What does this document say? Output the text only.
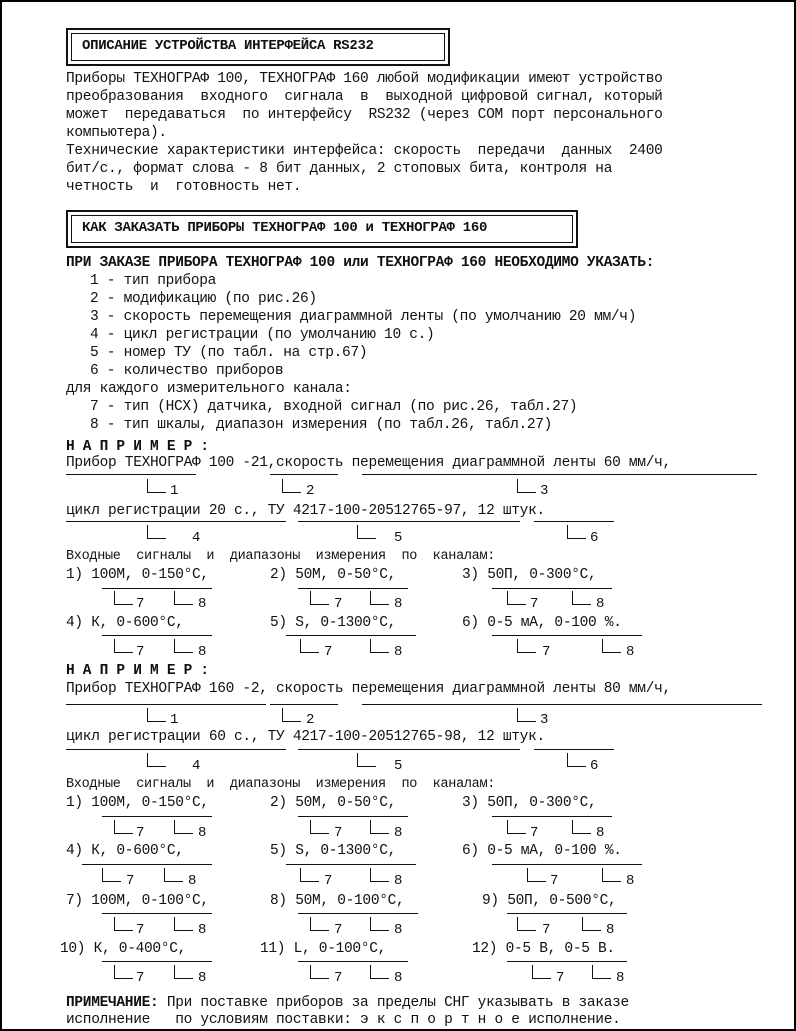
ОПИСАНИЕ УСТРОЙСТВА ИНТЕРФЕЙСА RS232
Приборы ТЕХНОГРАФ 100, ТЕХНОГРАФ 160 любой модификации имеют устройство
преобразования  входного  сигнала  в  выходной цифровой сигнал, который
может  передаваться  по интерфейсу  RS232 (через COM порт персонального
компьютера).
Технические характеристики интерфейса: скорость  передачи  данных  2400
бит/с., формат слова - 8 бит данных, 2 стоповых бита, контроля на
четность  и  готовность нет.
КАК ЗАКАЗАТЬ ПРИБОРЫ ТЕХНОГРАФ 100 и ТЕХНОГРАФ 160
ПРИ ЗАКАЗЕ ПРИБОРА ТЕХНОГРАФ 100 или ТЕХНОГРАФ 160 НЕОБХОДИМО УКАЗАТЬ:
1 - тип прибора
2 - модификацию (по рис.26)
3 - скорость перемещения диаграммной ленты (по умолчанию 20 мм/ч)
4 - цикл регистрации (по умолчанию 10 с.)
5 - номер ТУ (по табл. на стр.67)
6 - количество приборов
для каждого измерительного канала:
7 - тип (НСХ) датчика, входной сигнал (по рис.26, табл.27)
8 - тип шкалы, диапазон измерения (по табл.26, табл.27)
Н А П Р И М Е Р :
Прибор ТЕХНОГРАФ 100 -21,скорость перемещения диаграммной ленты 60 мм/ч,
1	2	3
цикл регистрации 20 с., ТУ 4217-100-20512765-97, 12 штук.
4	5	6
Входные  сигналы  и  диапазоны  измерения  по  каналам:
1) 100М, 0-150°С,	2) 50М, 0-50°С,	3) 50П, 0-300°С,
7	8	7	8	7	8
4) К, 0-600°С,	5) S, 0-1300°С,	6) 0-5 мА, 0-100 %.
7	8	7	8	7	8
Н А П Р И М Е Р :
Прибор ТЕХНОГРАФ 160 -2, скорость перемещения диаграммной ленты 80 мм/ч,
1	2	3
цикл регистрации 60 с., ТУ 4217-100-20512765-98, 12 штук.
4	5	6
Входные  сигналы  и  диапазоны  измерения  по  каналам:
1) 100М, 0-150°С,	2) 50М, 0-50°С,	3) 50П, 0-300°С,
7	8	7	8	7	8
4) К, 0-600°С,	5) S, 0-1300°С,	6) 0-5 мА, 0-100 %.
7	8	7	8	7	8
7) 100М, 0-100°С,	8) 50М, 0-100°С,	9) 50П, 0-500°С,
7	8	7	8	7	8
10) К, 0-400°С,	11) L, 0-100°С,	12) 0-5 В, 0-5 В.
7	8	7	8	7	8
ПРИМЕЧАНИЕ: При поставке приборов за пределы СНГ указывать в заказе
исполнение   по условиям поставки: э к с п о р т н о е исполнение.
